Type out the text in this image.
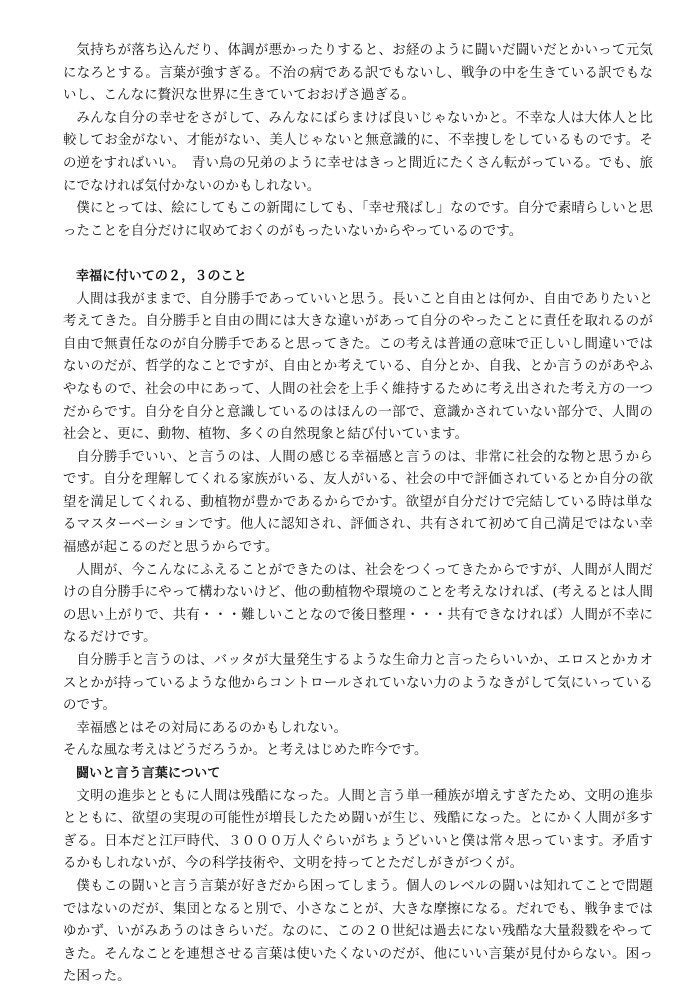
気持ちが落ち込んだり、体調が悪かったりすると、お経のように闘いだ闘いだとかいって元気になろとする。言葉が強すぎる。不治の病である訳でもないし、戦争の中を生きている訳でもないし、こんなに贅沢な世界に生きていておおげさ過ぎる。

みんな自分の幸せをさがして、みんなにばらまけば良いじゃないかと。不幸な人は大体人と比較してお金がない、才能がない、美人じゃないと無意識的に、不幸捜しをしているものです。その逆をすればいい。　青い鳥の兄弟のように幸せはきっと間近にたくさん転がっている。でも、旅にでなければ気付かないのかもしれない。

僕にとっては、絵にしてもこの新聞にしても、「幸せ飛ばし」なのです。自分で素晴らしいと思ったことを自分だけに収めておくのがもったいないからやっているのです。

幸福に付いての２，３のこと

人間は我がままで、自分勝手であっていいと思う。長いこと自由とは何か、自由でありたいと考えてきた。自分勝手と自由の間には大きな違いがあって自分のやったことに責任を取れるのが自由で無責任なのが自分勝手であると思ってきた。この考えは普通の意味で正しいし間違いではないのだが、哲学的なことですが、自由とか考えている、自分とか、自我、とか言うのがあやふやなもので、社会の中にあって、人間の社会を上手く維持するために考え出された考え方の一つだからです。自分を自分と意識しているのはほんの一部で、意識かされていない部分で、人間の社会と、更に、動物、植物、多くの自然現象と結び付いています。

自分勝手でいい、と言うのは、人間の感じる幸福感と言うのは、非常に社会的な物と思うからです。自分を理解してくれる家族がいる、友人がいる、社会の中で評価されているとか自分の欲望を満足してくれる、動植物が豊かであるからでかす。欲望が自分だけで完結している時は単なるマスターベーションです。他人に認知され、評価され、共有されて初めて自己満足ではない幸福感が起こるのだと思うからです。

人間が、今こんなにふえることができたのは、社会をつくってきたからですが、人間が人間だけの自分勝手にやって構わないけど、他の動植物や環境のことを考えなければ、(考えるとは人間の思い上がりで、共有・・・難しいことなので後日整理・・・共有できなければ）人間が不幸になるだけです。

自分勝手と言うのは、バッタが大量発生するような生命力と言ったらいいか、エロスとかカオスとかが持っているような他からコントロールされていない力のようなきがして気にいっているのです。

幸福感とはその対局にあるのかもしれない。

そんな風な考えはどうだろうか。と考えはじめた昨今です。

闘いと言う言葉について

文明の進歩とともに人間は残酷になった。人間と言う単一種族が増えすぎたため、文明の進歩とともに、欲望の実現の可能性が増長したため闘いが生じ、残酷になった。とにかく人間が多すぎる。日本だと江戸時代、３０００万人ぐらいがちょうどいいと僕は常々思っています。矛盾するかもしれないが、今の科学技術や、文明を持ってとただしがきがつくが。

僕もこの闘いと言う言葉が好きだから困ってしまう。個人のレベルの闘いは知れてことで問題ではないのだが、集団となると別で、小さなことが、大きな摩擦になる。だれでも、戦争まではゆかず、いがみあうのはきらいだ。なのに、この２０世紀は過去にない残酷な大量殺戮をやってきた。そんなことを連想させる言葉は使いたくないのだが、他にいい言葉が見付からない。困った困った。
